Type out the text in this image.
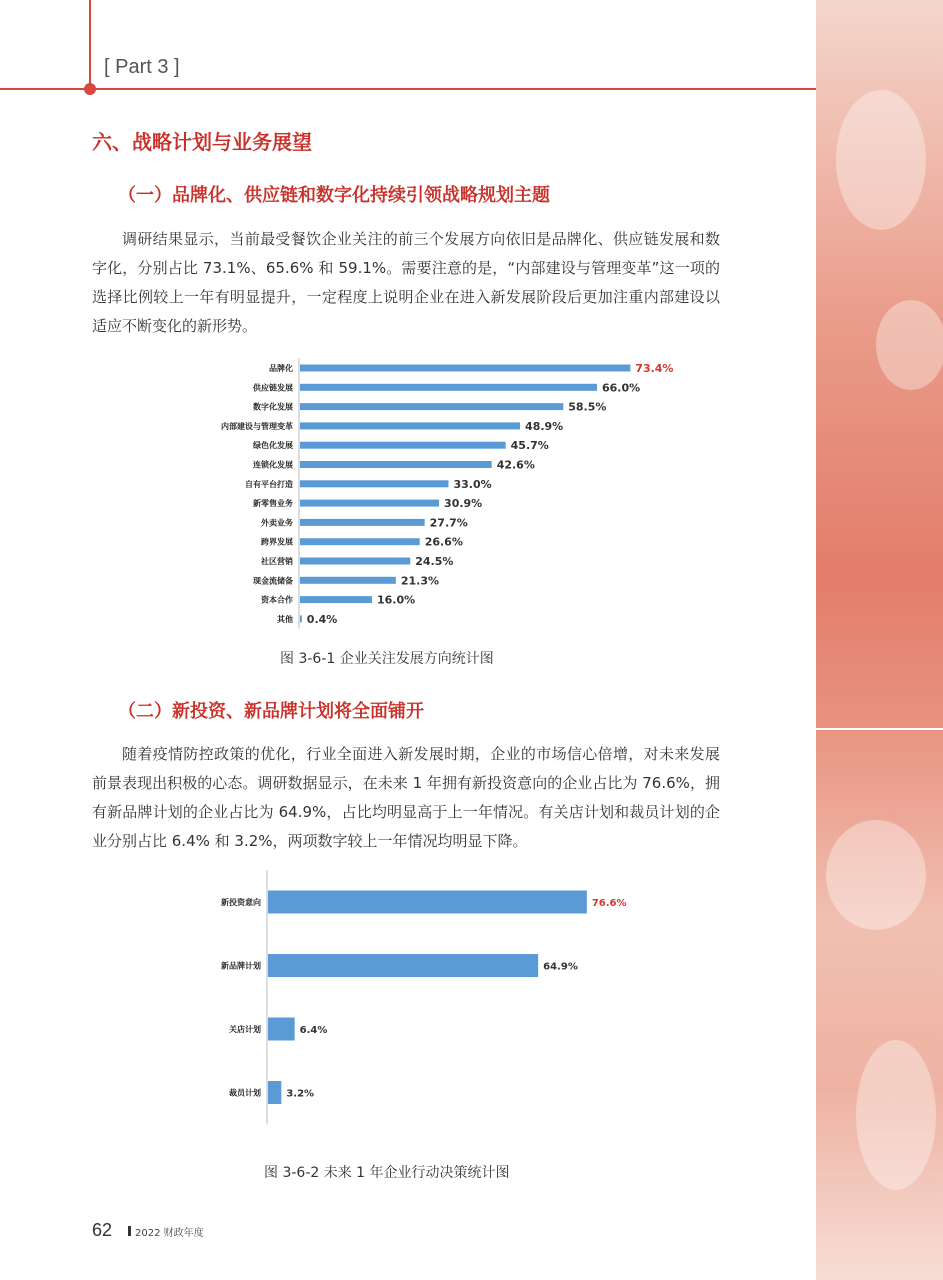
[ Part 3 ]
六、战略计划与业务展望
（一）品牌化、供应链和数字化持续引领战略规划主题
调研结果显示，当前最受餐饮企业关注的前三个发展方向依旧是品牌化、供应链发展和数字化，分别占比 73.1%、65.6% 和 59.1%。需要注意的是，“内部建设与管理变革”这一项的选择比例较上一年有明显提升，一定程度上说明企业在进入新发展阶段后更加注重内部建设以适应不断变化的新形势。
品牌化	73.4%
供应链发展	66.0%
数字化发展	58.5%
内部建设与管理变革	48.9%
绿色化发展	45.7%
连锁化发展	42.6%
自有平台打造	33.0%
新零售业务	30.9%
外卖业务	27.7%
跨界发展	26.6%
社区营销	24.5%
现金流储备	21.3%
资本合作	16.0%
其他 0.4%
图 3-6-1 企业关注发展方向统计图
（二）新投资、新品牌计划将全面铺开
随着疫情防控政策的优化，行业全面进入新发展时期，企业的市场信心倍增，对未来发展前景表现出积极的心态。调研数据显示，在未来 1 年拥有新投资意向的企业占比为 76.6%，拥有新品牌计划的企业占比为 64.9%，占比均明显高于上一年情况。有关店计划和裁员计划的企业分别占比 6.4% 和 3.2%，两项数字较上一年情况均明显下降。
新投资意向	76.6%
新品牌计划	64.9%
关店计划	6.4%
裁员计划	3.2%
图 3-6-2 未来 1 年企业行动决策统计图
62 2022 财政年度
